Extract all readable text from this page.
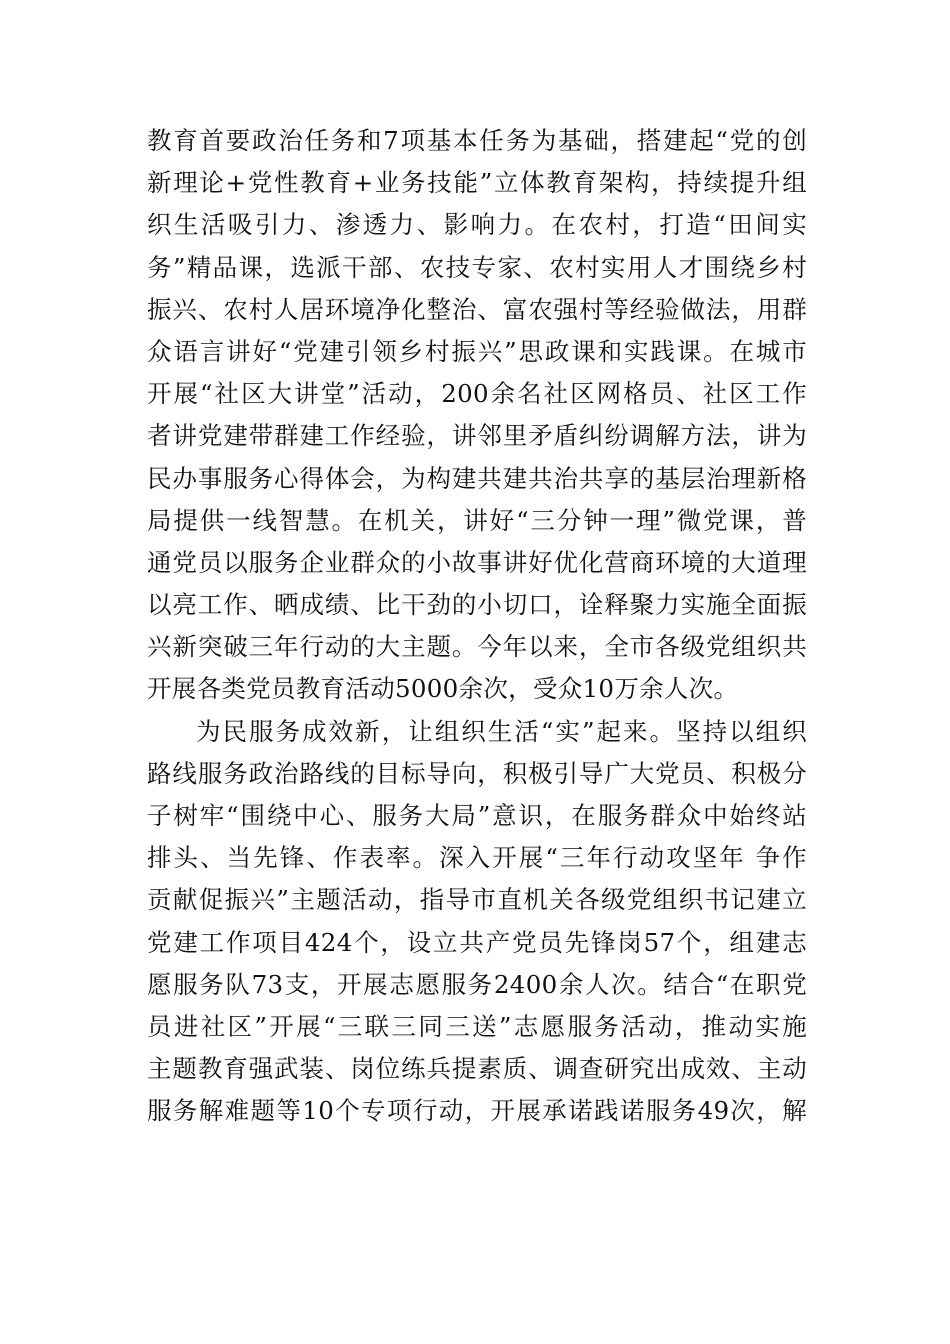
教育首要政治任务和7项基本任务为基础，搭建起“党的创
新理论+党性教育+业务技能”立体教育架构，持续提升组
织生活吸引力、渗透力、影响力。在农村，打造“田间实
务”精品课，选派干部、农技专家、农村实用人才围绕乡村
振兴、农村人居环境净化整治、富农强村等经验做法，用群
众语言讲好“党建引领乡村振兴”思政课和实践课。在城市
开展“社区大讲堂”活动，200余名社区网格员、社区工作
者讲党建带群建工作经验，讲邻里矛盾纠纷调解方法，讲为
民办事服务心得体会，为构建共建共治共享的基层治理新格
局提供一线智慧。在机关，讲好“三分钟一理”微党课，普
通党员以服务企业群众的小故事讲好优化营商环境的大道理
以亮工作、晒成绩、比干劲的小切口，诠释聚力实施全面振
兴新突破三年行动的大主题。今年以来，全市各级党组织共
开展各类党员教育活动5000余次，受众10万余人次。
为民服务成效新，让组织生活“实”起来。坚持以组织
路线服务政治路线的目标导向，积极引导广大党员、积极分
子树牢“围绕中心、服务大局”意识，在服务群众中始终站
排头、当先锋、作表率。深入开展“三年行动攻坚年 争作
贡献促振兴”主题活动，指导市直机关各级党组织书记建立
党建工作项目424个，设立共产党员先锋岗57个，组建志
愿服务队73支，开展志愿服务2400余人次。结合“在职党
员进社区”开展“三联三同三送”志愿服务活动，推动实施
主题教育强武装、岗位练兵提素质、调查研究出成效、主动
服务解难题等10个专项行动，开展承诺践诺服务49次，解
